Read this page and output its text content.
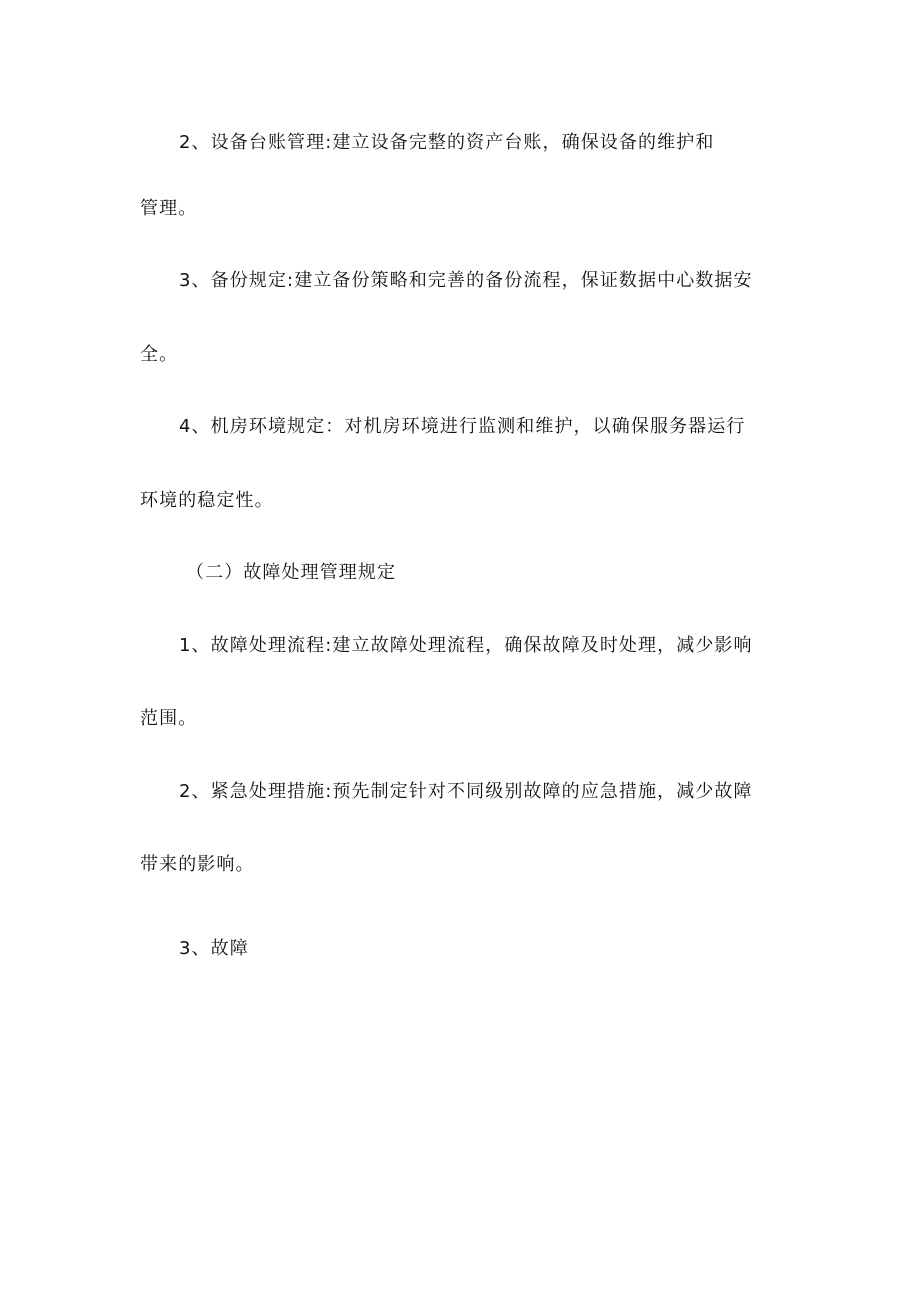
2、设备台账管理:建立设备完整的资产台账，确保设备的维护和
管理。
3、备份规定:建立备份策略和完善的备份流程，保证数据中心数据安
全。
4、机房环境规定：对机房环境进行监测和维护，以确保服务器运行
环境的稳定性。
（二）故障处理管理规定
1、故障处理流程:建立故障处理流程，确保故障及时处理，减少影响
范围。
2、紧急处理措施:预先制定针对不同级别故障的应急措施，减少故障
带来的影响。
3、故障
